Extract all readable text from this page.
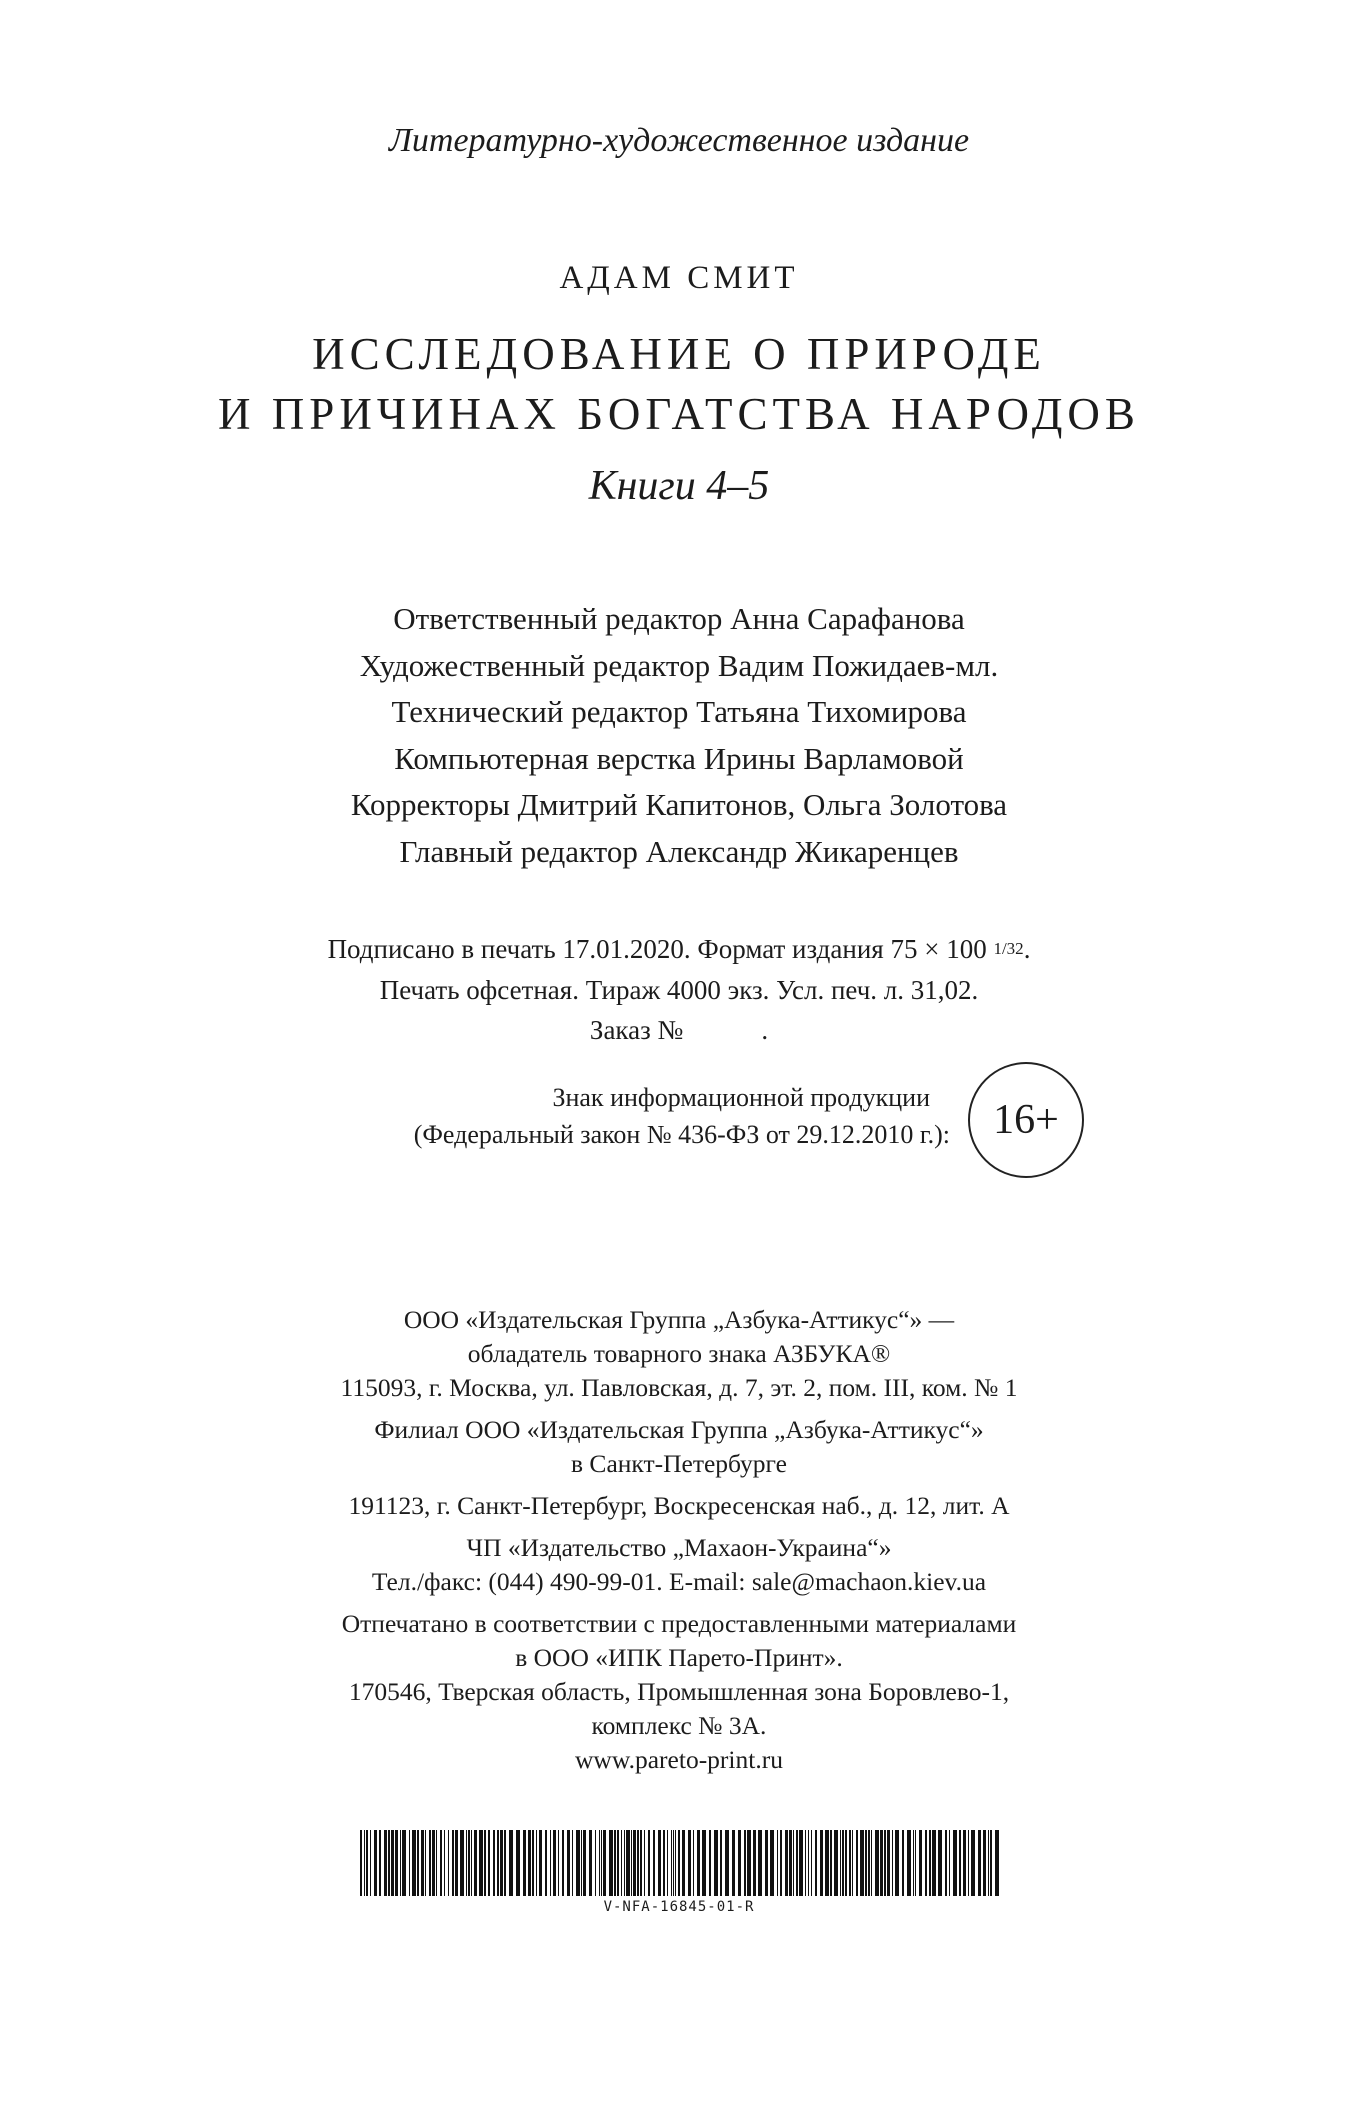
Литературно-художественное издание
АДАМ СМИТ
ИССЛЕДОВАНИЕ О ПРИРОДЕ
И ПРИЧИНАХ БОГАТСТВА НАРОДОВ
Книги 4–5
Ответственный редактор Анна Сарафанова
Художественный редактор Вадим Пожидаев-мл.
Технический редактор Татьяна Тихомирова
Компьютерная верстка Ирины Варламовой
Корректоры Дмитрий Капитонов, Ольга Золотова
Главный редактор Александр Жикаренцев
Подписано в печать 17.01.2020. Формат издания 75 × 100 1/32.
Печать офсетная. Тираж 4000 экз. Усл. печ. л. 31,02.
Заказ №	.
Знак информационной продукции
(Федеральный закон № 436-ФЗ от 29.12.2010 г.): 16+
ООО «Издательская Группа „Азбука-Аттикус“» —
обладатель товарного знака АЗБУКА®
115093, г. Москва, ул. Павловская, д. 7, эт. 2, пом. III, ком. № 1
Филиал ООО «Издательская Группа „Азбука-Аттикус“»
в Санкт-Петербурге
191123, г. Санкт-Петербург, Воскресенская наб., д. 12, лит. А
ЧП «Издательство „Махаон-Украина“»
Тел./факс: (044) 490-99-01. E-mail: sale@machaon.kiev.ua
Отпечатано в соответствии с предоставленными материалами
в ООО «ИПК Парето-Принт».
170546, Тверская область, Промышленная зона Боровлево-1,
комплекс № 3А.
www.pareto-print.ru
V-NFA-16845-01-R
